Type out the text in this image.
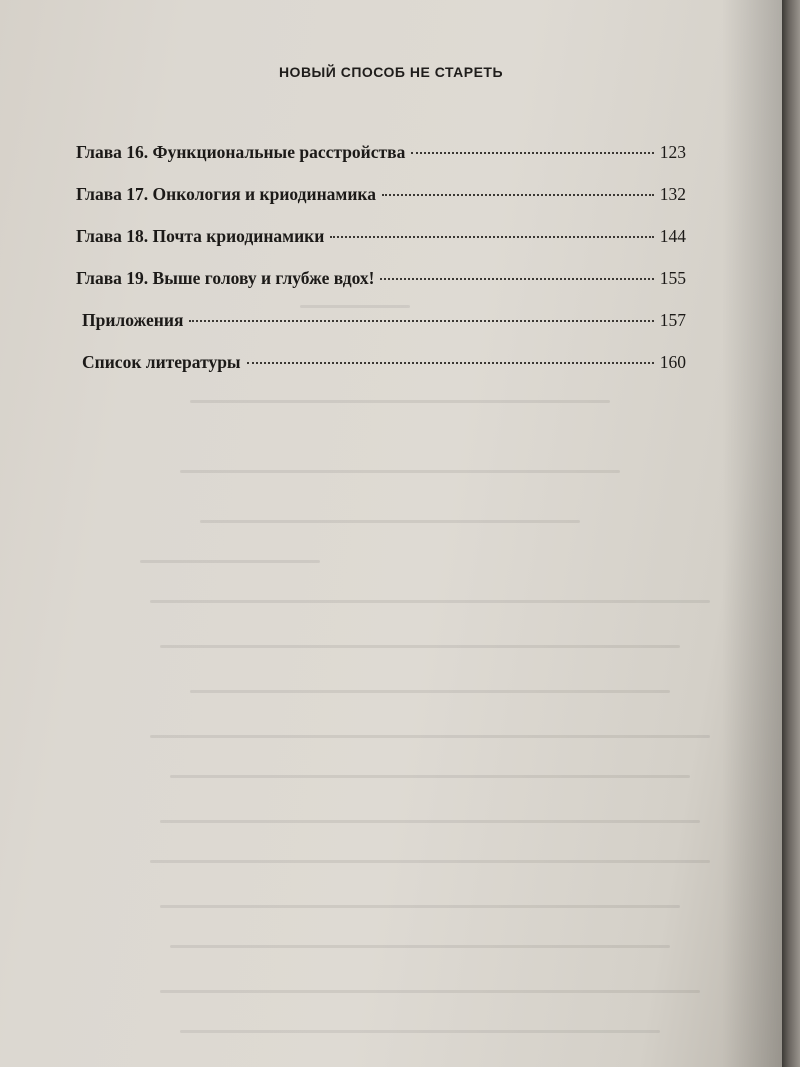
НОВЫЙ СПОСОБ НЕ СТАРЕТЬ
Глава 16. Функциональные расстройства	123
Глава 17. Онкология и криодинамика	132
Глава 18. Почта криодинамики	144
Глава 19. Выше голову и глубже вдох!	155
Приложения	157
Список литературы	160
